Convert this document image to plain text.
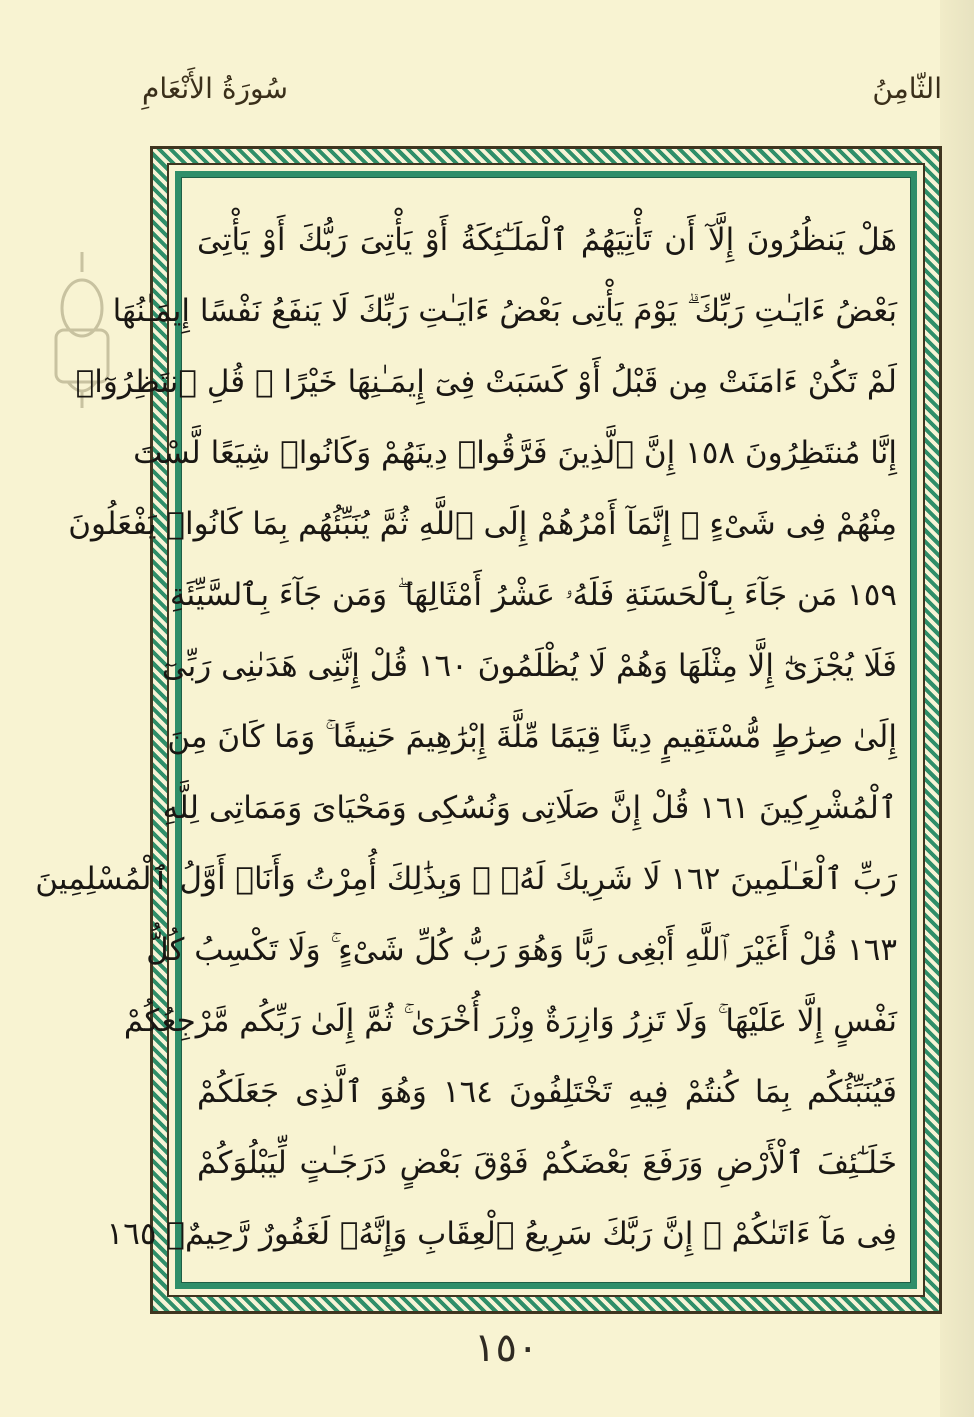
سُورَةُ الأَنْعَامِ	الثَّامِنُ
هَلْ يَنظُرُونَ إِلَّآ أَن تَأْتِيَهُمُ ٱلْمَلَـٰٓئِكَةُ أَوْ يَأْتِىَ رَبُّكَ أَوْ يَأْتِىَ
بَعْضُ ءَايَـٰتِ رَبِّكَ ۗ يَوْمَ يَأْتِى بَعْضُ ءَايَـٰتِ رَبِّكَ لَا يَنفَعُ نَفْسًا إِيمَـٰنُهَا
لَمْ تَكُنْ ءَامَنَتْ مِن قَبْلُ أَوْ كَسَبَتْ فِىٓ إِيمَـٰنِهَا خَيْرًا ۗ قُلِ ٱنتَظِرُوٓا۟
إِنَّا مُنتَظِرُونَ ١٥٨ إِنَّ ٱلَّذِينَ فَرَّقُوا۟ دِينَهُمْ وَكَانُوا۟ شِيَعًا لَّسْتَ
مِنْهُمْ فِى شَىْءٍ ۚ إِنَّمَآ أَمْرُهُمْ إِلَى ٱللَّهِ ثُمَّ يُنَبِّئُهُم بِمَا كَانُوا۟ يَفْعَلُونَ
١٥٩ مَن جَآءَ بِٱلْحَسَنَةِ فَلَهُۥ عَشْرُ أَمْثَالِهَا ۖ وَمَن جَآءَ بِٱلسَّيِّئَةِ
فَلَا يُجْزَىٰٓ إِلَّا مِثْلَهَا وَهُمْ لَا يُظْلَمُونَ ١٦٠ قُلْ إِنَّنِى هَدَىٰنِى رَبِّىٓ
إِلَىٰ صِرَٰطٍ مُّسْتَقِيمٍ دِينًا قِيَمًا مِّلَّةَ إِبْرَٰهِيمَ حَنِيفًا ۚ وَمَا كَانَ مِنَ
ٱلْمُشْرِكِينَ ١٦١ قُلْ إِنَّ صَلَاتِى وَنُسُكِى وَمَحْيَاىَ وَمَمَاتِى لِلَّهِ
رَبِّ ٱلْعَـٰلَمِينَ ١٦٢ لَا شَرِيكَ لَهُۥ ۖ وَبِذَٰلِكَ أُمِرْتُ وَأَنَا۠ أَوَّلُ ٱلْمُسْلِمِينَ
١٦٣ قُلْ أَغَيْرَ ٱللَّهِ أَبْغِى رَبًّا وَهُوَ رَبُّ كُلِّ شَىْءٍ ۚ وَلَا تَكْسِبُ كُلُّ
نَفْسٍ إِلَّا عَلَيْهَا ۚ وَلَا تَزِرُ وَازِرَةٌ وِزْرَ أُخْرَىٰ ۚ ثُمَّ إِلَىٰ رَبِّكُم مَّرْجِعُكُمْ
فَيُنَبِّئُكُم بِمَا كُنتُمْ فِيهِ تَخْتَلِفُونَ ١٦٤ وَهُوَ ٱلَّذِى جَعَلَكُمْ
خَلَـٰٓئِفَ ٱلْأَرْضِ وَرَفَعَ بَعْضَكُمْ فَوْقَ بَعْضٍ دَرَجَـٰتٍ لِّيَبْلُوَكُمْ
فِى مَآ ءَاتَىٰكُمْ ۗ إِنَّ رَبَّكَ سَرِيعُ ٱلْعِقَابِ وَإِنَّهُۥ لَغَفُورٌ رَّحِيمٌۢ ١٦٥
١٥٠
